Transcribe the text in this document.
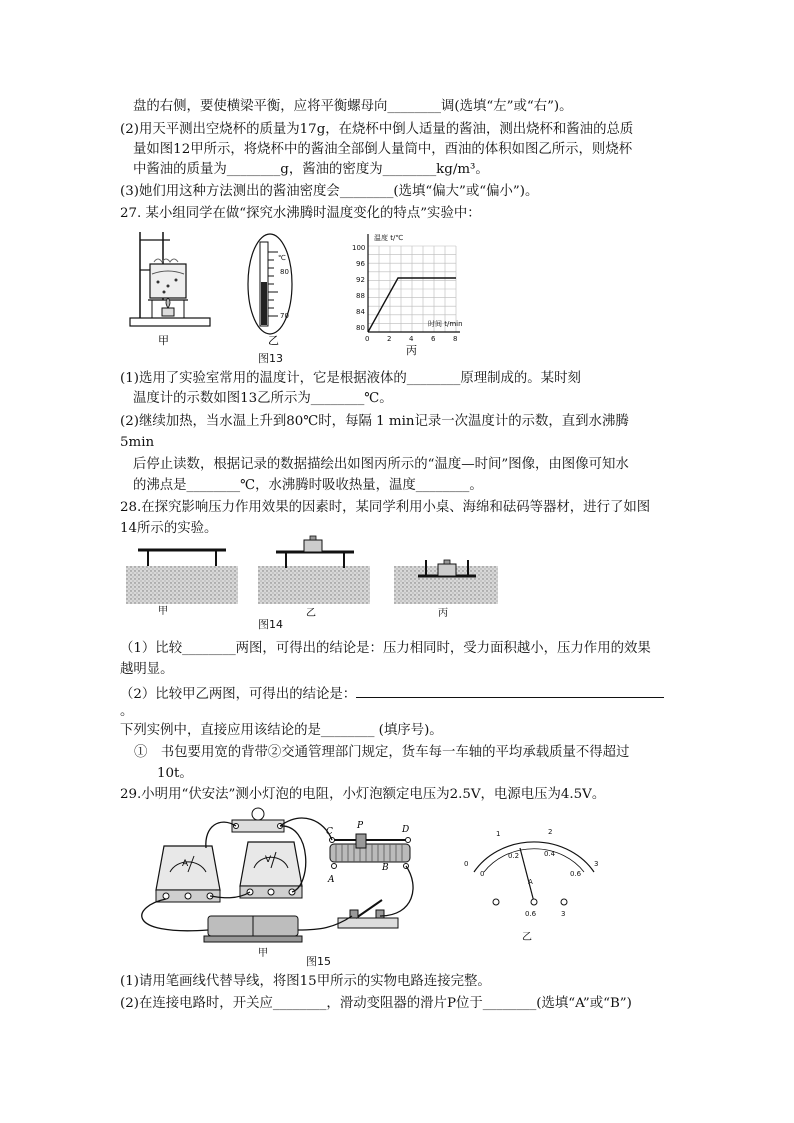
盘的右侧，要使横梁平衡，应将平衡螺母向________调(选填“左”或“右”)。
(2)用天平测出空烧杯的质量为17g，在烧杯中倒人适量的酱油，测出烧杯和酱油的总质
量如图12甲所示，将烧杯中的酱油全部倒人量筒中，酉油的体积如图乙所示，则烧杯
中酱油的质量为________g，酱油的密度为________kg/m³。
(3)她们用这种方法测出的酱油密度会________(选填“偏大”或“偏小”)。
27. 某小组同学在做“探究水沸腾时温度变化的特点”实验中：
甲
℃
80
70
乙
温度 t/℃
时间 t/min
100
96
92
88
84
80
0	2	4	6	8
丙
图13
(1)选用了实验室常用的温度计，它是根据液体的________原理制成的。某时刻
温度计的示数如图13乙所示为________℃。
(2)继续加热，当水温上升到80℃时，每隔 1 min记录一次温度计的示数，直到水沸腾
5min
后停止读数，根据记录的数据描绘出如图丙所示的“温度—时间”图像，由图像可知水
的沸点是________℃，水沸腾时吸收热量，温度________。
28.在探究影响压力作用效果的因素时，某同学利用小桌、海绵和砝码等器材，进行了如图
14所示的实验。
甲	乙	丙
图14
（1）比较________两图，可得出的结论是：压力相同时，受力面积越小，压力作用的效果
越明显。
（2）比较甲乙两图，可得出的结论是：
。
下列实例中，直接应用该结论的是________ (填序号)。
①　书包要用宽的背带②交通管理部门规定，货车每一车轴的平均承载质量不得超过
10t。
29.小明用“伏安法”测小灯泡的电阻，小灯泡额定电压为2.5V，电源电压为4.5V。
A	V
C
P	D
A
B
甲
0
1	2
3
0
0.2	0.4
0.6
A
0.6	3
乙
图15
(1)请用笔画线代替导线，将图15甲所示的实物电路连接完整。
(2)在连接电路时，开关应________，滑动变阻器的滑片P位于________(选填“A”或“B”)
